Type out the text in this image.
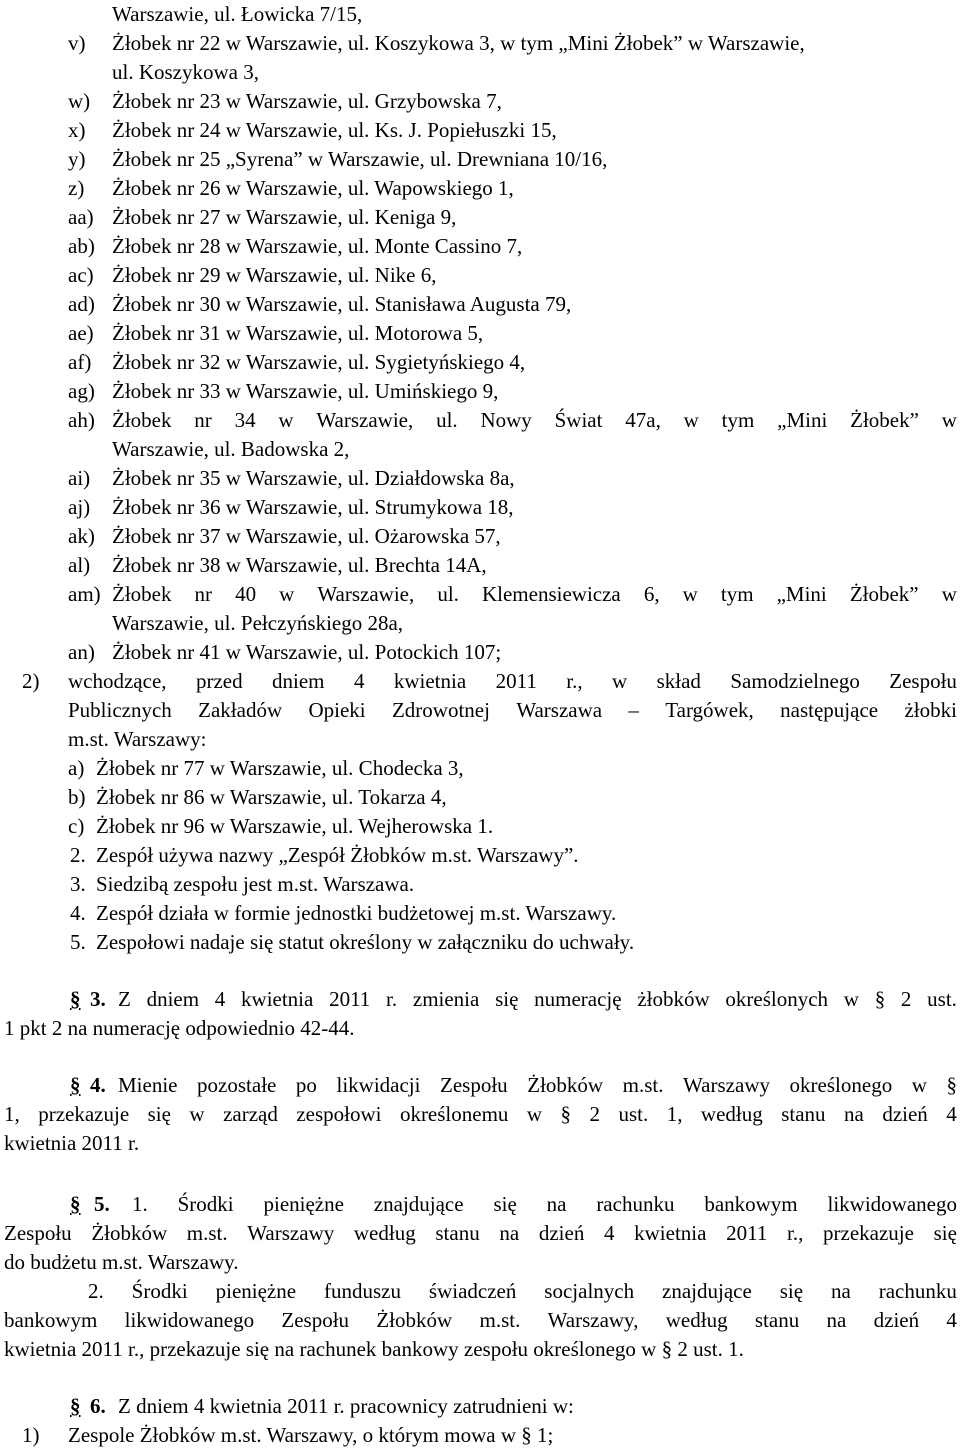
Warszawie, ul. Łowicka 7/15,
v) Żłobek nr 22 w Warszawie, ul. Koszykowa 3, w tym „Mini Żłobek” w Warszawie,
ul. Koszykowa 3,
w) Żłobek nr 23 w Warszawie, ul. Grzybowska 7,
x) Żłobek nr 24 w Warszawie, ul. Ks. J. Popiełuszki 15,
y) Żłobek nr 25 „Syrena” w Warszawie, ul. Drewniana 10/16,
z) Żłobek nr 26 w Warszawie, ul. Wapowskiego 1,
aa) Żłobek nr 27 w Warszawie, ul. Keniga 9,
ab) Żłobek nr 28 w Warszawie, ul. Monte Cassino 7,
ac) Żłobek nr 29 w Warszawie, ul. Nike 6,
ad) Żłobek nr 30 w Warszawie, ul. Stanisława Augusta 79,
ae) Żłobek nr 31 w Warszawie, ul. Motorowa 5,
af) Żłobek nr 32 w Warszawie, ul. Sygietyńskiego 4,
ag) Żłobek nr 33 w Warszawie, ul. Umińskiego 9,
ah) Żłobek nr 34 w Warszawie, ul. Nowy Świat 47a, w tym „Mini Żłobek” w
Warszawie, ul. Badowska 2,
ai) Żłobek nr 35 w Warszawie, ul. Działdowska 8a,
aj) Żłobek nr 36 w Warszawie, ul. Strumykowa 18,
ak) Żłobek nr 37 w Warszawie, ul. Ożarowska 57,
al) Żłobek nr 38 w Warszawie, ul. Brechta 14A,
am) Żłobek nr 40 w Warszawie, ul. Klemensiewicza 6, w tym „Mini Żłobek” w
Warszawie, ul. Pełczyńskiego 28a,
an) Żłobek nr 41 w Warszawie, ul. Potockich 107;
2) wchodzące, przed dniem 4 kwietnia 2011 r., w skład Samodzielnego Zespołu
Publicznych Zakładów Opieki Zdrowotnej Warszawa – Targówek, następujące żłobki
m.st. Warszawy:
a) Żłobek nr 77 w Warszawie, ul. Chodecka 3,
b) Żłobek nr 86 w Warszawie, ul. Tokarza 4,
c) Żłobek nr 96 w Warszawie, ul. Wejherowska 1.
2. Zespół używa nazwy „Zespół Żłobków m.st. Warszawy”.
3. Siedzibą zespołu jest m.st. Warszawa.
4. Zespół działa w formie jednostki budżetowej m.st. Warszawy.
5. Zespołowi nadaje się statut określony w załączniku do uchwały.
§ 3. Z dniem 4 kwietnia 2011 r. zmienia się numerację żłobków określonych w § 2 ust.
1 pkt 2 na numerację odpowiednio 42-44.
§ 4. Mienie pozostałe po likwidacji Zespołu Żłobków m.st. Warszawy określonego w §
1, przekazuje się w zarząd zespołowi określonemu w § 2 ust. 1, według stanu na dzień 4
kwietnia 2011 r.
§ 5. 1. Środki pieniężne znajdujące się na rachunku bankowym likwidowanego
Zespołu Żłobków m.st. Warszawy według stanu na dzień 4 kwietnia 2011 r., przekazuje się
do budżetu m.st. Warszawy.
2. Środki pieniężne funduszu świadczeń socjalnych znajdujące się na rachunku
bankowym likwidowanego Zespołu Żłobków m.st. Warszawy, według stanu na dzień 4
kwietnia 2011 r., przekazuje się na rachunek bankowy zespołu określonego w § 2 ust. 1.
§ 6. Z dniem 4 kwietnia 2011 r. pracownicy zatrudnieni w:
1) Zespole Żłobków m.st. Warszawy, o którym mowa w § 1;
